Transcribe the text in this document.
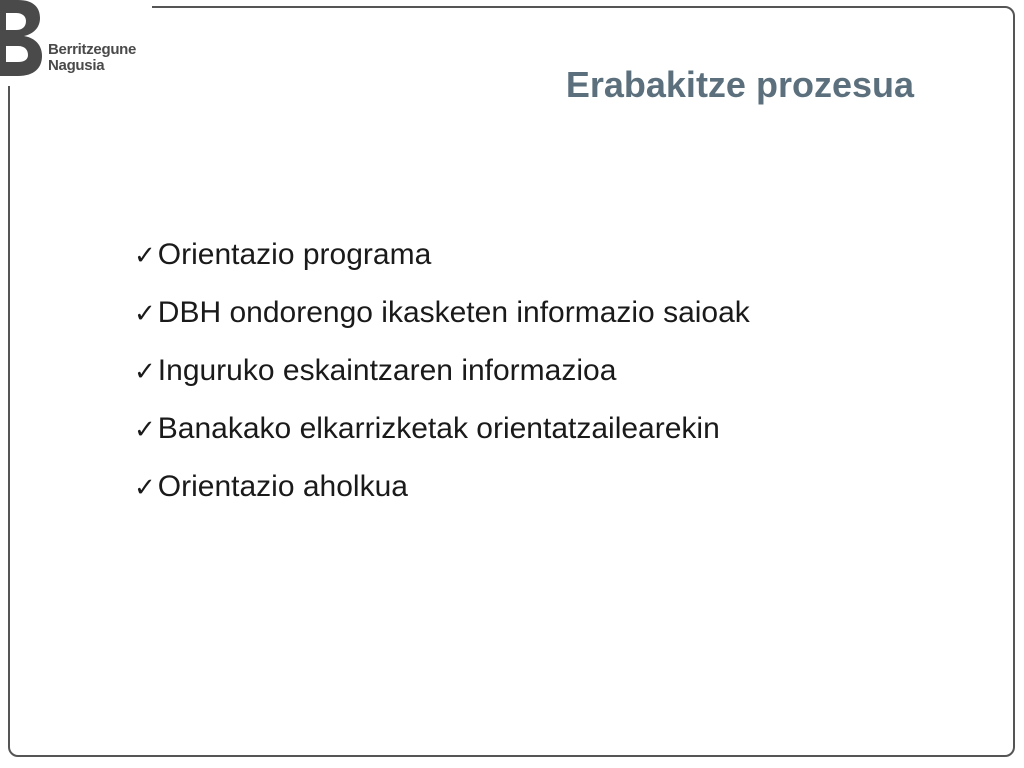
Berritzegune
Nagusia	Erabakitze prozesua
✓ Orientazio programa
✓ DBH ondorengo ikasketen informazio saioak
✓ Inguruko eskaintzaren informazioa
✓ Banakako elkarrizketak orientatzailearekin
✓ Orientazio aholkua
